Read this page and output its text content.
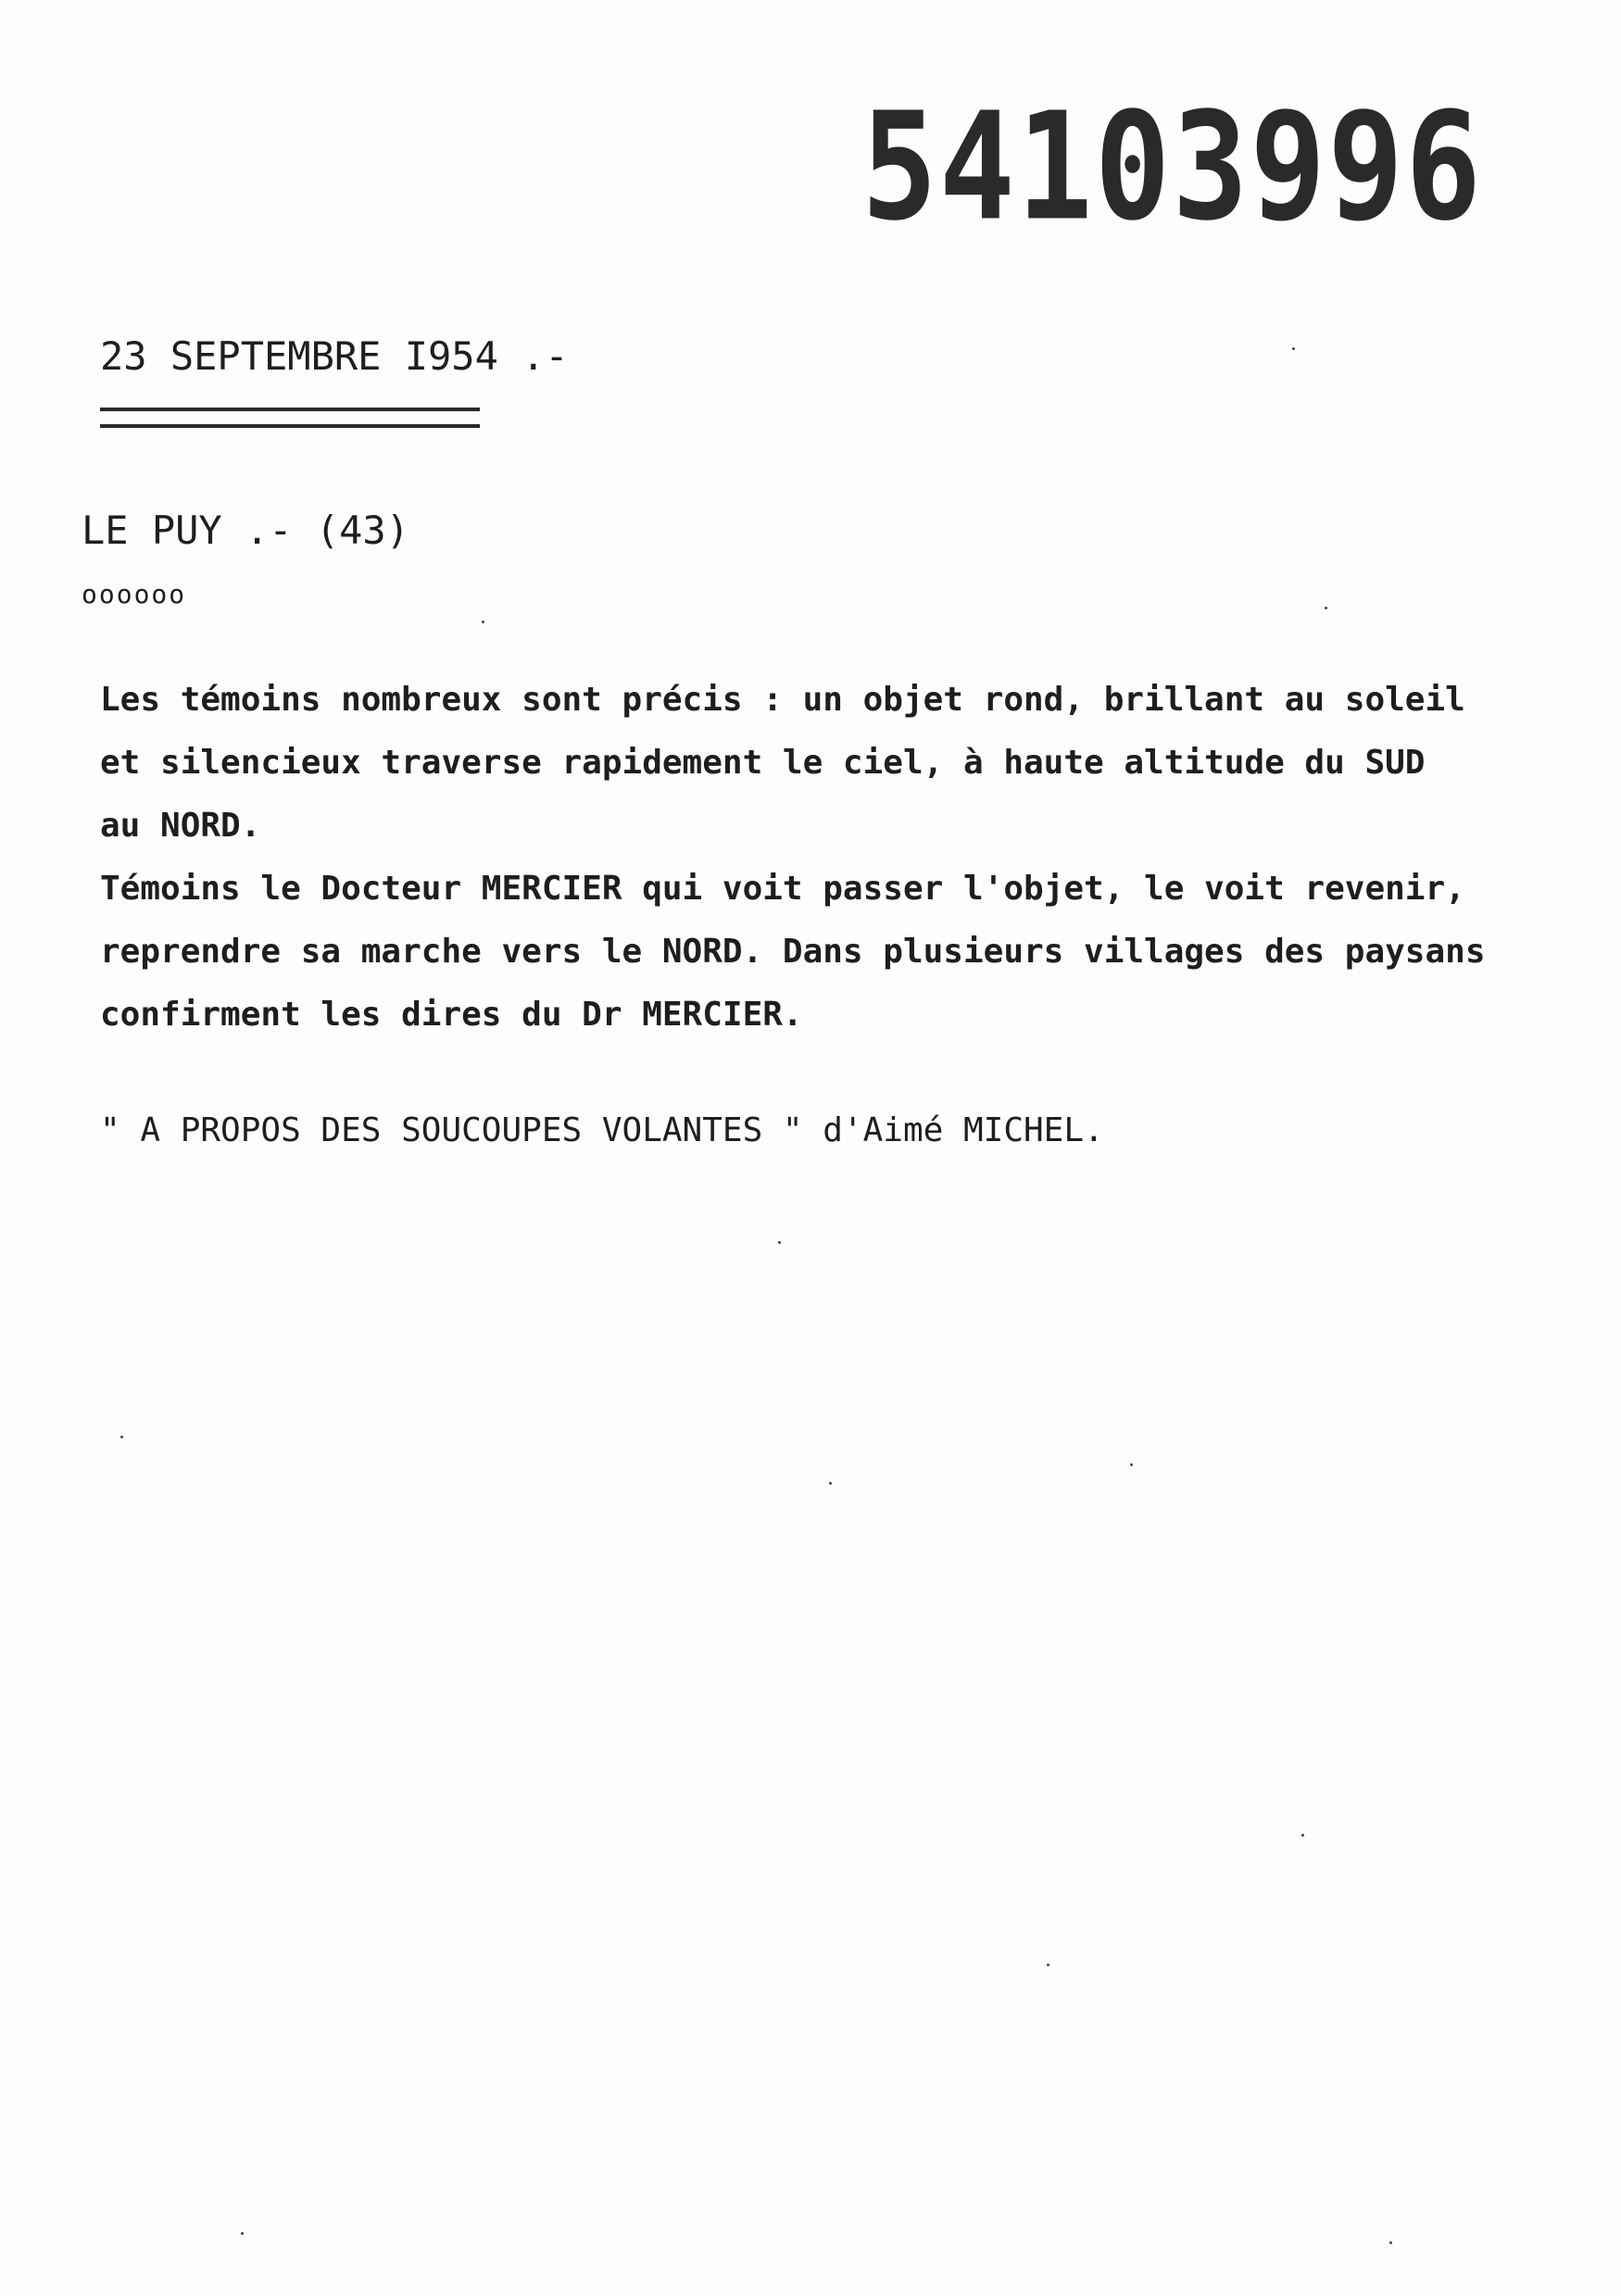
54103996
23 SEPTEMBRE I954 .-
LE PUY .- (43)
oooooo
Les témoins nombreux sont précis : un objet rond, brillant au soleil
et silencieux traverse rapidement le ciel, à haute altitude du SUD
au NORD.
Témoins le Docteur MERCIER qui voit passer l'objet, le voit revenir,
reprendre sa marche vers le NORD. Dans plusieurs villages des paysans
confirment les dires du Dr MERCIER.
" A PROPOS DES SOUCOUPES VOLANTES " d'Aimé MICHEL.
